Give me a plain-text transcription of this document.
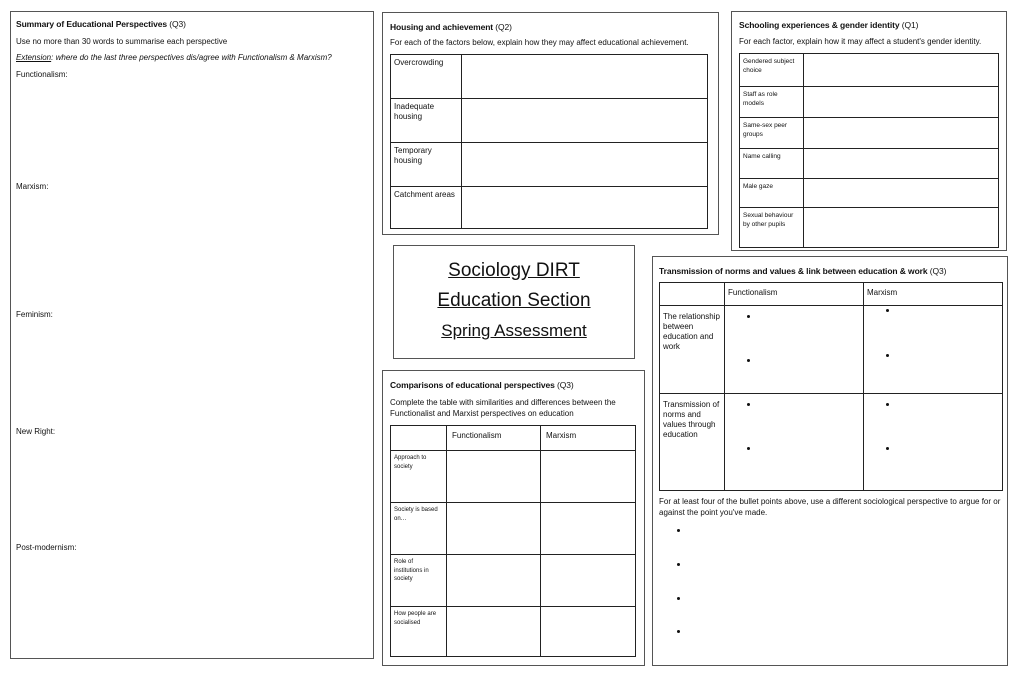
Summary of Educational Perspectives (Q3)
Use no more than 30 words to summarise each perspective
Extension: where do the last three perspectives dis/agree with Functionalism & Marxism?
Functionalism:
Marxism:
Feminism:
New Right:
Post-modernism:
Housing and achievement (Q2)
For each of the factors below, explain how they may affect educational achievement.
Overcrowding	
Inadequate housing	
Temporary housing	
Catchment areas	
Schooling experiences & gender identity (Q1)
For each factor, explain how it may affect a student's gender identity.
Gendered subject choice	
Staff as role models	
Same-sex peer groups	
Name calling	
Male gaze	
Sexual behaviour by other pupils	
Sociology DIRT
Education Section
Spring Assessment
Comparisons of educational perspectives (Q3)
Complete the table with similarities and differences between the Functionalist and Marxist perspectives on education
	Functionalism	Marxism
Approach to society		
Society is based on…		
Role of institutions in society		
How people are socialised		
Transmission of norms and values & link between education & work (Q3)
	Functionalism	Marxism
The relationship between education and work		
Transmission of norms and values through education		
For at least four of the bullet points above, use a different sociological perspective to argue for or against the point you've made.
